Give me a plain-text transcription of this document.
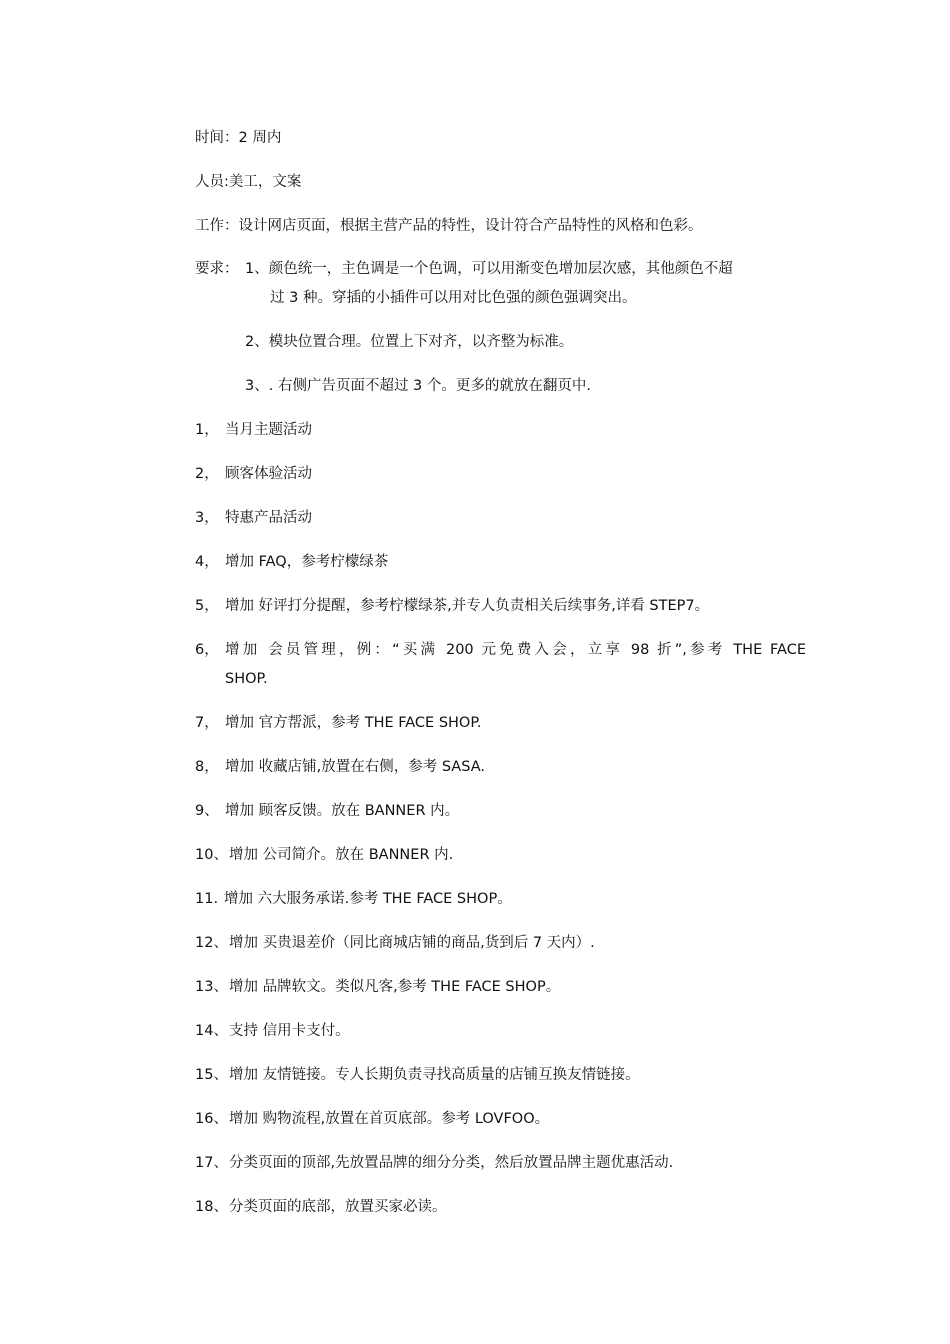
时间：2 周内
人员:美工，文案
工作：设计网店页面，根据主营产品的特性，设计符合产品特性的风格和色彩。
要求： 1、颜色统一，主色调是一个色调，可以用渐变色增加层次感，其他颜色不超
过 3 种。穿插的小插件可以用对比色强的颜色强调突出。
2、模块位置合理。位置上下对齐，以齐整为标准。
3、. 右侧广告页面不超过 3 个。更多的就放在翻页中.
1， 当月主题活动
2， 顾客体验活动
3， 特惠产品活动
4， 增加 FAQ，参考柠檬绿茶
5， 增加 好评打分提醒，参考柠檬绿茶,并专人负责相关后续事务,详看 STEP7。
6， 增加 会员管理，例：“买满 200 元免费入会，立享 98 折”,参考 THE FACE
SHOP.
7， 增加 官方帮派，参考 THE FACE SHOP.
8， 增加 收藏店铺,放置在右侧，参考 SASA.
9、 增加 顾客反馈。放在 BANNER 内。
10、 增加 公司简介。放在 BANNER 内.
11. 增加 六大服务承诺.参考 THE FACE SHOP。
12、 增加 买贵退差价（同比商城店铺的商品,货到后 7 天内）.
13、 增加 品牌软文。类似凡客,参考 THE FACE SHOP。
14、 支持 信用卡支付。
15、 增加 友情链接。专人长期负责寻找高质量的店铺互换友情链接。
16、 增加 购物流程,放置在首页底部。参考 LOVFOO。
17、 分类页面的顶部,先放置品牌的细分分类，然后放置品牌主题优惠活动.
18、 分类页面的底部，放置买家必读。
